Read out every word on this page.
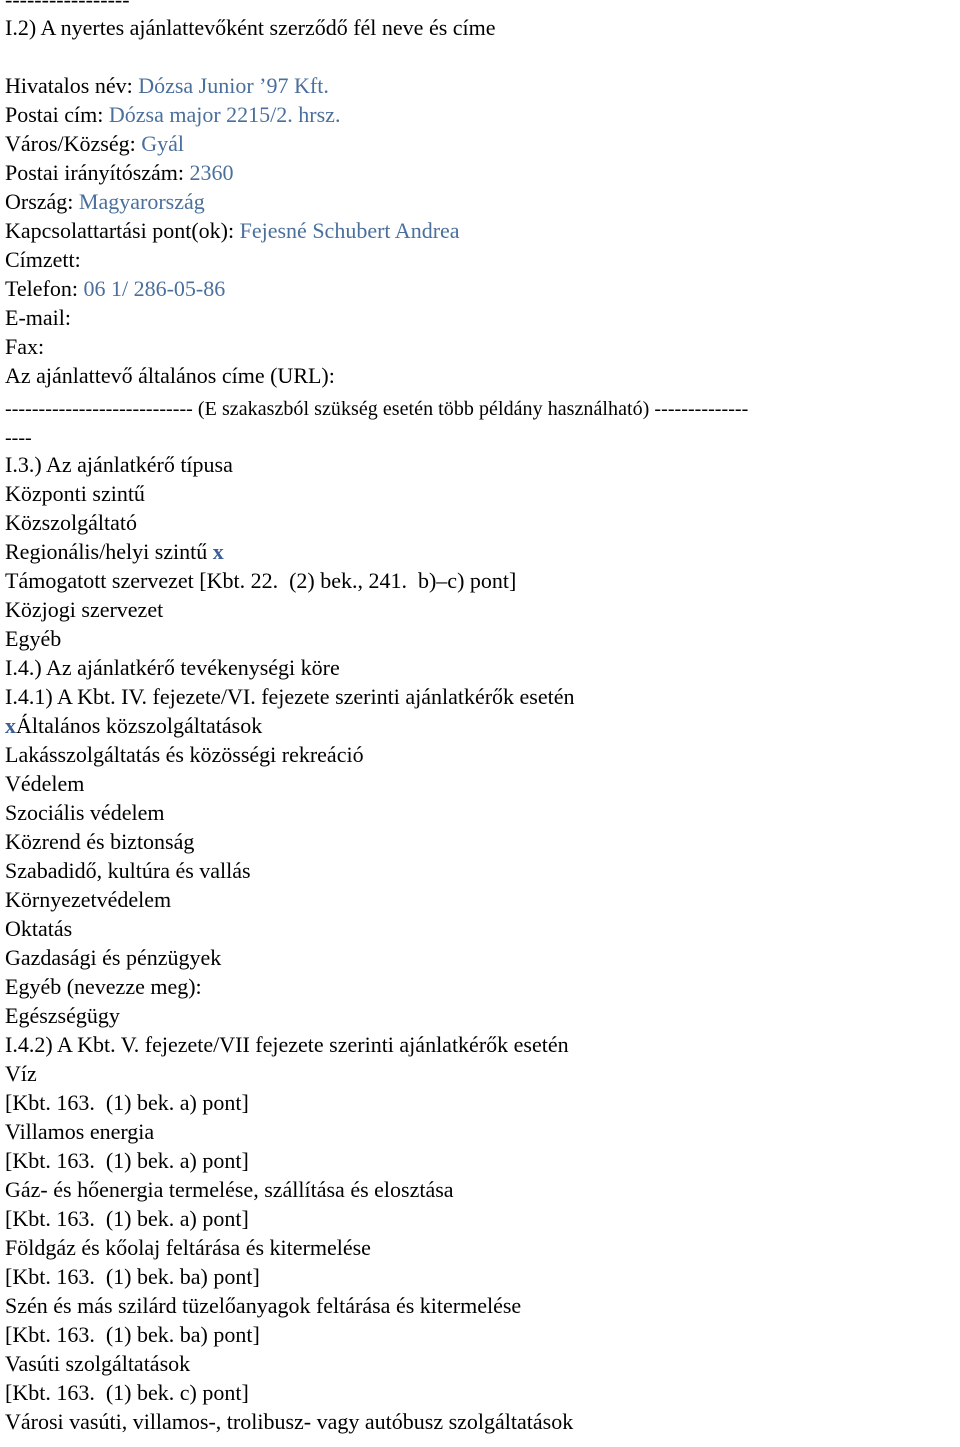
I.2) A nyertes ajánlattevőként szerződő fél neve és címe
Hivatalos név: Dózsa Junior ’97 Kft.
Postai cím: Dózsa major 2215/2. hrsz.
Város/Község: Gyál
Postai irányítószám: 2360
Ország: Magyarország
Kapcsolattartási pont(ok): Fejesné Schubert Andrea
Címzett:
Telefon: 06 1/ 286-05-86
E-mail:
Fax:
Az ajánlattevő általános címe (URL):
---------------------------- (E szakaszból szükség esetén több példány használható) --------------
----
I.3.) Az ajánlatkérő típusa
Központi szintű
Közszolgáltató
Regionális/helyi szintű x
Támogatott szervezet [Kbt. 22.  (2) bek., 241.  b)–c) pont]
Közjogi szervezet
Egyéb
I.4.) Az ajánlatkérő tevékenységi köre
I.4.1) A Kbt. IV. fejezete/VI. fejezete szerinti ajánlatkérők esetén
xÁltalános közszolgáltatások
Lakásszolgáltatás és közösségi rekreáció
Védelem
Szociális védelem
Közrend és biztonság
Szabadidő, kultúra és vallás
Környezetvédelem
Oktatás
Gazdasági és pénzügyek
Egyéb (nevezze meg):
Egészségügy
I.4.2) A Kbt. V. fejezete/VII fejezete szerinti ajánlatkérők esetén
Víz
[Kbt. 163.  (1) bek. a) pont]
Villamos energia
[Kbt. 163.  (1) bek. a) pont]
Gáz- és hőenergia termelése, szállítása és elosztása
[Kbt. 163.  (1) bek. a) pont]
Földgáz és kőolaj feltárása és kitermelése
[Kbt. 163.  (1) bek. ba) pont]
Szén és más szilárd tüzelőanyagok feltárása és kitermelése
[Kbt. 163.  (1) bek. ba) pont]
Vasúti szolgáltatások
[Kbt. 163.  (1) bek. c) pont]
Városi vasúti, villamos-, trolibusz- vagy autóbusz szolgáltatások
